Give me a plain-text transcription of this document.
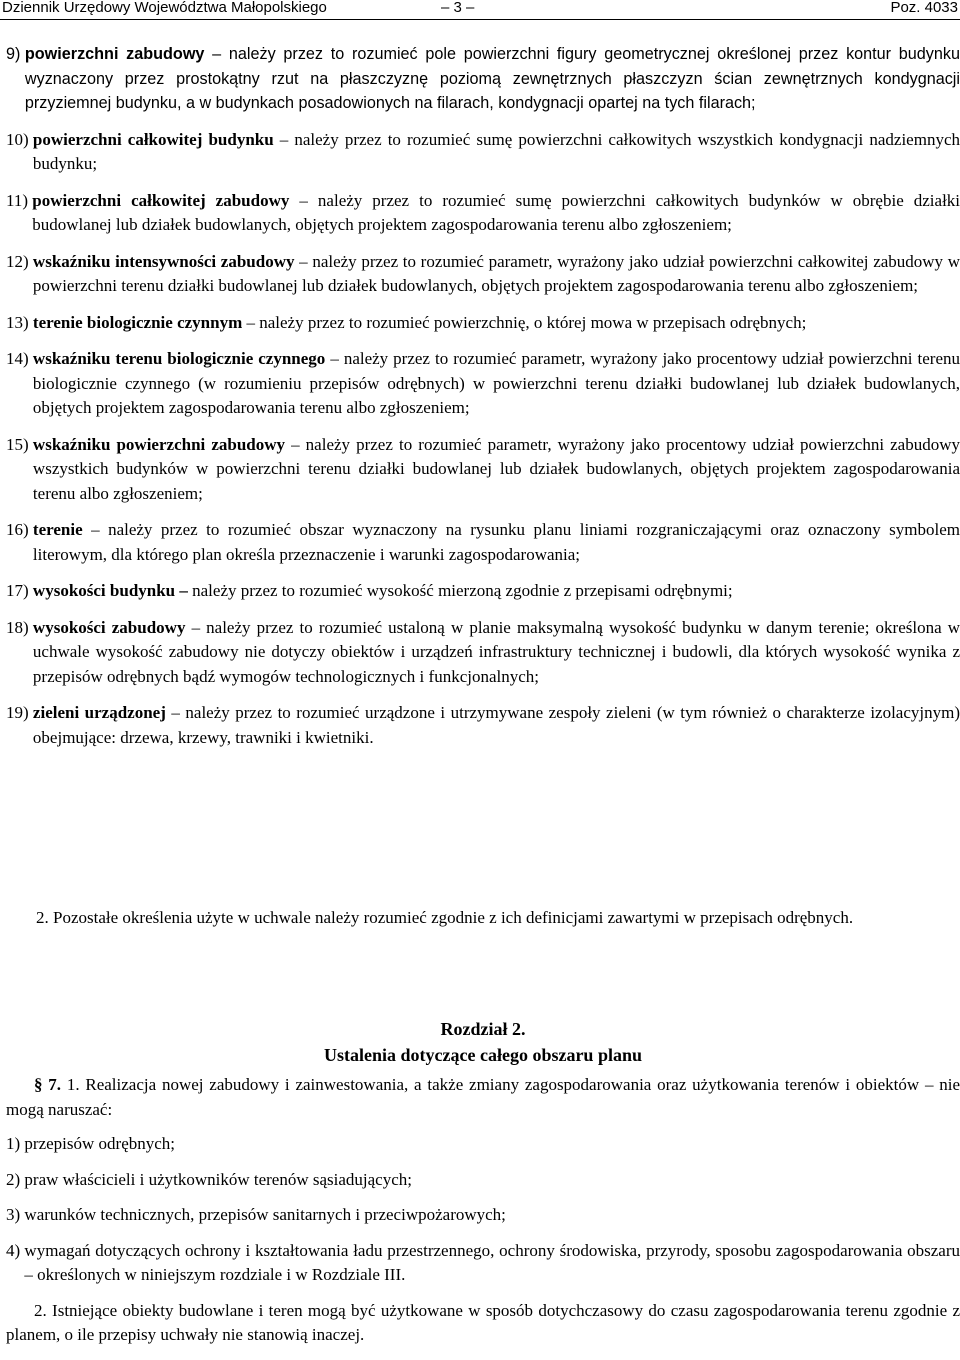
Dziennik Urzędowy Województwa Małopolskiego	– 3 –	Poz. 4033
9)
powierzchni zabudowy – należy przez to rozumieć pole powierzchni figury geometrycznej określonej przez kontur budynku wyznaczony przez prostokątny rzut na płaszczyznę poziomą zewnętrznych płaszczyzn ścian zewnętrznych kondygnacji przyziemnej budynku, a w budynkach posadowionych na filarach, kondygnacji opartej na tych filarach;
10)
powierzchni całkowitej budynku – należy przez to rozumieć sumę powierzchni całkowitych wszystkich kondygnacji nadziemnych budynku;
11)
powierzchni całkowitej zabudowy – należy przez to rozumieć sumę powierzchni całkowitych budynków w obrębie działki budowlanej lub działek budowlanych, objętych projektem zagospodarowania terenu albo zgłoszeniem;
12)
wskaźniku intensywności zabudowy – należy przez to rozumieć parametr, wyrażony jako udział powierzchni całkowitej zabudowy w powierzchni terenu działki budowlanej lub działek budowlanych, objętych projektem zagospodarowania terenu albo zgłoszeniem;
13)
terenie biologicznie czynnym – należy przez to rozumieć powierzchnię, o której mowa w przepisach odrębnych;
14)
wskaźniku terenu biologicznie czynnego – należy przez to rozumieć parametr, wyrażony jako procentowy udział powierzchni terenu biologicznie czynnego (w rozumieniu przepisów odrębnych) w powierzchni terenu działki budowlanej lub działek budowlanych, objętych projektem zagospodarowania terenu albo zgłoszeniem;
15)
wskaźniku powierzchni zabudowy – należy przez to rozumieć parametr, wyrażony jako procentowy udział powierzchni zabudowy wszystkich budynków w powierzchni terenu działki budowlanej lub działek budowlanych, objętych projektem zagospodarowania terenu albo zgłoszeniem;
16)
terenie – należy przez to rozumieć obszar wyznaczony na rysunku planu liniami rozgraniczającymi oraz oznaczony symbolem literowym, dla którego plan określa przeznaczenie i warunki zagospodarowania;
17)
wysokości budynku – należy przez to rozumieć wysokość mierzoną zgodnie z przepisami odrębnymi;
18)
wysokości zabudowy – należy przez to rozumieć ustaloną w planie maksymalną wysokość budynku w danym terenie; określona w uchwale wysokość zabudowy nie dotyczy obiektów i urządzeń infrastruktury technicznej i budowli, dla których wysokość wynika z przepisów odrębnych bądź wymogów technologicznych i funkcjonalnych;
19)
zieleni urządzonej – należy przez to rozumieć urządzone i utrzymywane zespoły zieleni (w tym również o charakterze izolacyjnym) obejmujące: drzewa, krzewy, trawniki i kwietniki.

2. Pozostałe określenia użyte w uchwale należy rozumieć zgodnie z ich definicjami zawartymi w przepisach odrębnych.

Rozdział 2.
Ustalenia dotyczące całego obszaru planu

§ 7. 1. Realizacja nowej zabudowy i zainwestowania, a także zmiany zagospodarowania oraz użytkowania terenów i obiektów – nie mogą naruszać:

1)
przepisów odrębnych;
2)
praw właścicieli i użytkowników terenów sąsiadujących;
3)
warunków technicznych, przepisów sanitarnych i przeciwpożarowych;
4)
wymagań dotyczących ochrony i kształtowania ładu przestrzennego, ochrony środowiska, przyrody, sposobu zagospodarowania obszaru – określonych w niniejszym rozdziale i w Rozdziale III.

2. Istniejące obiekty budowlane i teren mogą być użytkowane w sposób dotychczasowy do czasu zagospodarowania terenu zgodnie z planem, o ile przepisy uchwały nie stanowią inaczej.
